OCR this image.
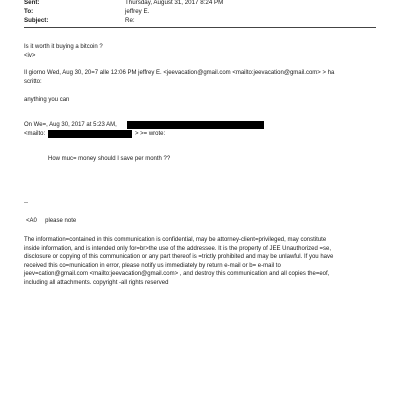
Sent:	Thursday, August 31, 2017 8:24 PM
To:	jeffrey E.
Subject:	Re:
Is it worth it buying a bitcoin ?
<iv>
Il giorno Wed, Aug 30, 20=7 alle 12:06 PM jeffrey E. <jeevacation@gmail.com <mailto:jeevacation@gmail.com> > ha
scritto:
anything you can
On We=, Aug 30, 2017 at 5:23 AM,
<mailto:	> >= wrote:
How muc= money should I save per month ??
--
<A0     please note

The information=contained in this communication is confidential, may be attorney-client=privileged, may constitute

inside information, and is intended only for=br>the use of the addressee. It is the property of JEE Unauthorized =se,

disclosure or copying of this communication or any part thereof is =trictly prohibited and may be unlawful. If you have

received this co=munication in error, please notify us immediately by return e-mail or b= e-mail to

jeev=cation@gmail.com <mailto:jeevacation@gmail.com> , and destroy this communication and all copies the=eof,

including all attachments. copyright -all rights reserved
